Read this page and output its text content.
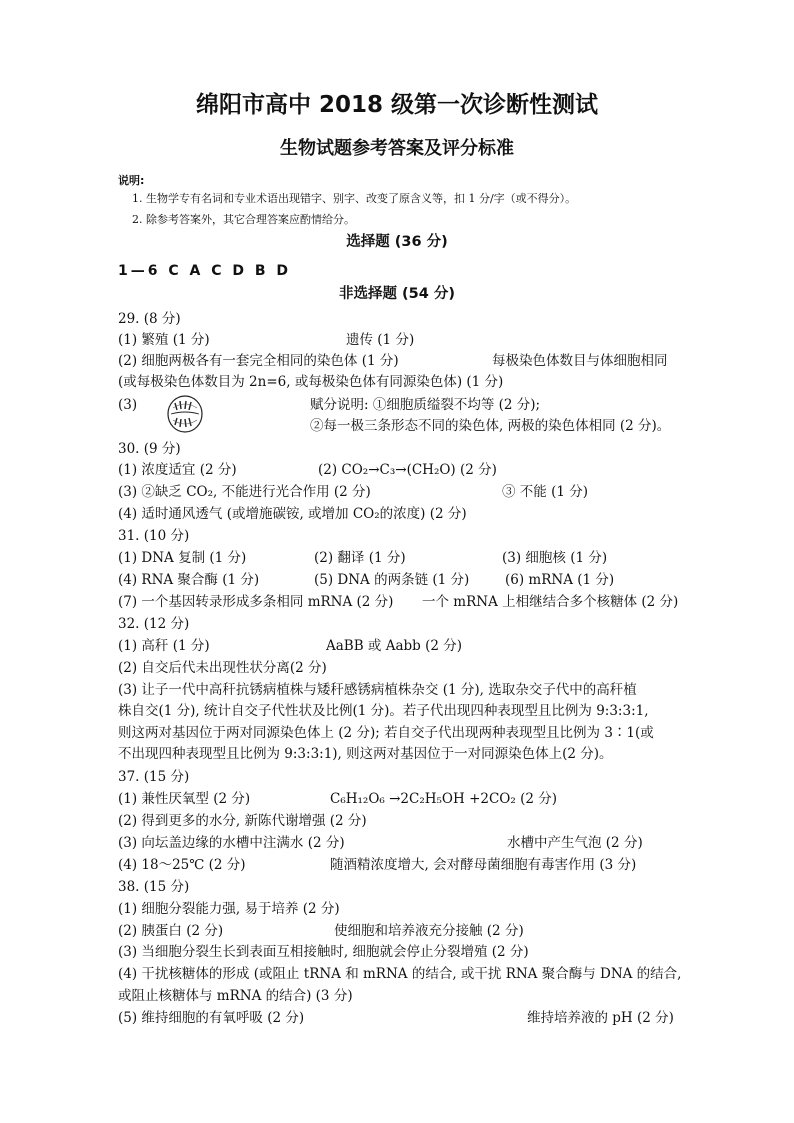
绵阳市高中 2018 级第一次诊断性测试
生物试题参考答案及评分标准
说明:
1. 生物学专有名词和专业术语出现错字、别字、改变了原含义等，扣 1 分/字（或不得分）。
2. 除参考答案外，其它合理答案应酌情给分。
选择题 (36 分)
1—6 C A C D B D
非选择题 (54 分)
29. (8 分)
(1) 繁殖 (1 分)	遗传 (1 分)
(2) 细胞两极各有一套完全相同的染色体 (1 分)	每极染色体数目与体细胞相同
(或每极染色体数目为 2n=6, 或每极染色体有同源染色体) (1 分)
(3)	赋分说明: ①细胞质缢裂不均等 (2 分);
②每一极三条形态不同的染色体, 两极的染色体相同 (2 分)。
30. (9 分)
(1) 浓度适宜 (2 分)	(2) CO₂→C₃→(CH₂O) (2 分)
(3) ②缺乏 CO₂, 不能进行光合作用 (2 分)	③ 不能 (1 分)
(4) 适时通风透气 (或增施碳铵, 或增加 CO₂的浓度) (2 分)
31. (10 分)
(1) DNA 复制 (1 分)	(2) 翻译 (1 分)	(3) 细胞核 (1 分)
(4) RNA 聚合酶 (1 分)	(5) DNA 的两条链 (1 分)	(6) mRNA (1 分)
(7) 一个基因转录形成多条相同 mRNA (2 分) 一个 mRNA 上相继结合多个核糖体 (2 分)
32. (12 分)
(1) 高秆 (1 分)	AaBB 或 Aabb (2 分)
(2) 自交后代未出现性状分离(2 分)
(3) 让子一代中高秆抗锈病植株与矮秆感锈病植株杂交 (1 分), 选取杂交子代中的高秆植
株自交(1 分), 统计自交子代性状及比例(1 分)。若子代出现四种表现型且比例为 9:3:3:1,
则这两对基因位于两对同源染色体上 (2 分); 若自交子代出现两种表现型且比例为 3∶1(或
不出现四种表现型且比例为 9:3:3:1), 则这两对基因位于一对同源染色体上(2 分)。
37. (15 分)
(1) 兼性厌氧型 (2 分)	C₆H₁₂O₆ →2C₂H₅OH +2CO₂ (2 分)
(2) 得到更多的水分, 新陈代谢增强 (2 分)
(3) 向坛盖边缘的水槽中注满水 (2 分)	水槽中产生气泡 (2 分)
(4) 18～25℃ (2 分)	随酒精浓度增大, 会对酵母菌细胞有毒害作用 (3 分)
38. (15 分)
(1) 细胞分裂能力强, 易于培养 (2 分)
(2) 胰蛋白 (2 分)	使细胞和培养液充分接触 (2 分)
(3) 当细胞分裂生长到表面互相接触时, 细胞就会停止分裂增殖 (2 分)
(4) 干扰核糖体的形成 (或阻止 tRNA 和 mRNA 的结合, 或干扰 RNA 聚合酶与 DNA 的结合,
或阻止核糖体与 mRNA 的结合) (3 分)
(5) 维持细胞的有氧呼吸 (2 分)	维持培养液的 pH (2 分)
